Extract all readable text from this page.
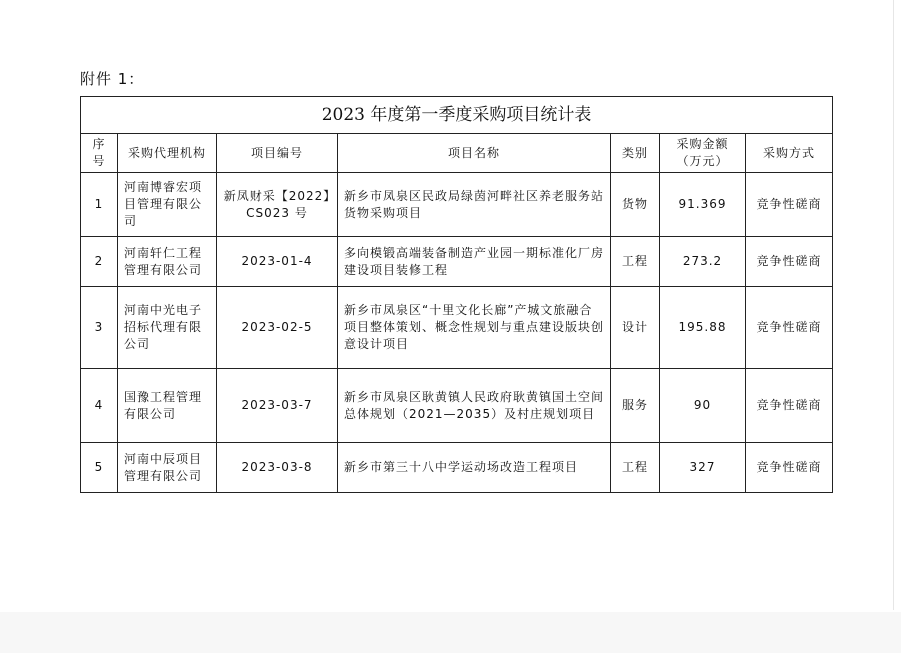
附件 1：
2023 年度第一季度采购项目统计表						
序号	采购代理机构	项目编号	项目名称	类别	采购金额（万元）	采购方式
1	河南博睿宏项目管理有限公司	新凤财采【2022】CS023 号	新乡市凤泉区民政局绿茵河畔社区养老服务站货物采购项目	货物	91.369	竞争性磋商
2	河南轩仁工程管理有限公司	2023-01-4	多向模锻高端装备制造产业园一期标准化厂房建设项目装修工程	工程	273.2	竞争性磋商
3	河南中光电子招标代理有限公司	2023-02-5	新乡市凤泉区“十里文化长廊”产城文旅融合项目整体策划、概念性规划与重点建设版块创意设计项目	设计	195.88	竞争性磋商
4	国豫工程管理有限公司	2023-03-7	新乡市凤泉区耿黄镇人民政府耿黄镇国土空间总体规划（2021—2035）及村庄规划项目	服务	90	竞争性磋商
5	河南中辰项目管理有限公司	2023-03-8	新乡市第三十八中学运动场改造工程项目	工程	327	竞争性磋商
